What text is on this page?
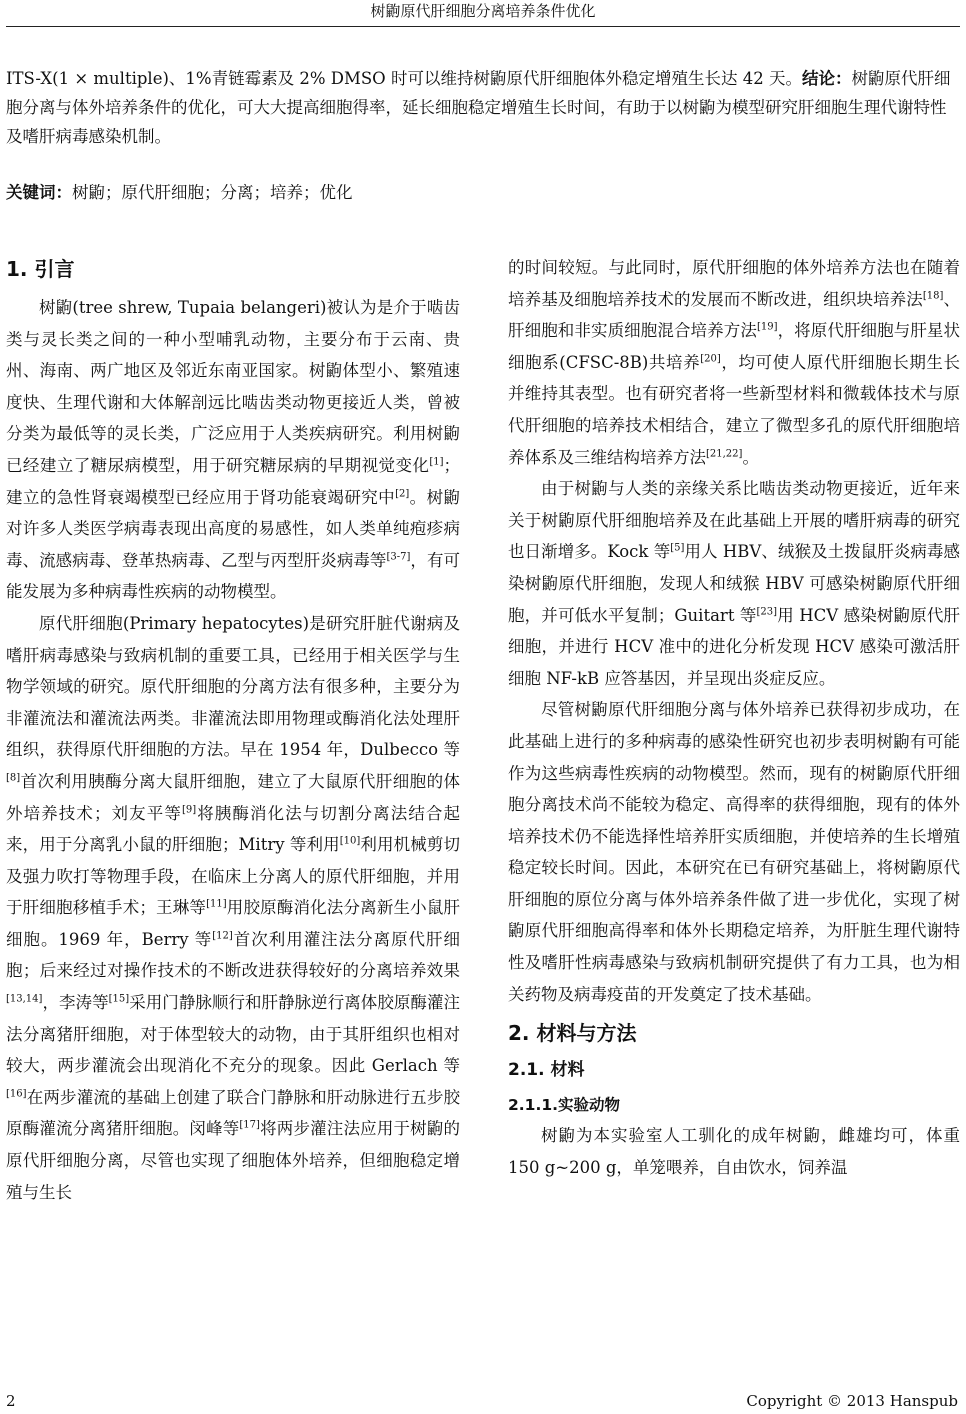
树鼩原代肝细胞分离培养条件优化
ITS-X(1 × multiple)、1%青链霉素及 2% DMSO 时可以维持树鼩原代肝细胞体外稳定增殖生长达 42 天。结论：树鼩原代肝细胞分离与体外培养条件的优化，可大大提高细胞得率，延长细胞稳定增殖生长时间，有助于以树鼩为模型研究肝细胞生理代谢特性及嗜肝病毒感染机制。
关键词：树鼩；原代肝细胞；分离；培养；优化
1. 引言

树鼩(tree shrew, Tupaia belangeri)被认为是介于啮齿类与灵长类之间的一种小型哺乳动物，主要分布于云南、贵州、海南、两广地区及邻近东南亚国家。树鼩体型小、繁殖速度快、生理代谢和大体解剖远比啮齿类动物更接近人类，曾被分类为最低等的灵长类，广泛应用于人类疾病研究。利用树鼩已经建立了糖尿病模型，用于研究糖尿病的早期视觉变化[1]；建立的急性肾衰竭模型已经应用于肾功能衰竭研究中[2]。树鼩对许多人类医学病毒表现出高度的易感性，如人类单纯疱疹病毒、流感病毒、登革热病毒、乙型与丙型肝炎病毒等[3-7]，有可能发展为多种病毒性疾病的动物模型。

原代肝细胞(Primary hepatocytes)是研究肝脏代谢病及嗜肝病毒感染与致病机制的重要工具，已经用于相关医学与生物学领域的研究。原代肝细胞的分离方法有很多种，主要分为非灌流法和灌流法两类。非灌流法即用物理或酶消化法处理肝组织，获得原代肝细胞的方法。早在 1954 年，Dulbecco 等[8]首次利用胰酶分离大鼠肝细胞，建立了大鼠原代肝细胞的体外培养技术；刘友平等[9]将胰酶消化法与切割分离法结合起来，用于分离乳小鼠的肝细胞；Mitry 等利用[10]利用机械剪切及强力吹打等物理手段，在临床上分离人的原代肝细胞，并用于肝细胞移植手术；王琳等[11]用胶原酶消化法分离新生小鼠肝细胞。1969 年，Berry 等[12]首次利用灌注法分离原代肝细胞；后来经过对操作技术的不断改进获得较好的分离培养效果[13,14]，李涛等[15]采用门静脉顺行和肝静脉逆行离体胶原酶灌注法分离猪肝细胞，对于体型较大的动物，由于其肝组织也相对较大，两步灌流会出现消化不充分的现象。因此 Gerlach 等[16]在两步灌流的基础上创建了联合门静脉和肝动脉进行五步胶原酶灌流分离猪肝细胞。闵峰等[17]将两步灌注法应用于树鼩的原代肝细胞分离，尽管也实现了细胞体外培养，但细胞稳定增殖与生长

的时间较短。与此同时，原代肝细胞的体外培养方法也在随着培养基及细胞培养技术的发展而不断改进，组织块培养法[18]、肝细胞和非实质细胞混合培养方法[19]，将原代肝细胞与肝星状细胞系(CFSC-8B)共培养[20]，均可使人原代肝细胞长期生长并维持其表型。也有研究者将一些新型材料和微载体技术与原代肝细胞的培养技术相结合，建立了微型多孔的原代肝细胞培养体系及三维结构培养方法[21,22]。

由于树鼩与人类的亲缘关系比啮齿类动物更接近，近年来关于树鼩原代肝细胞培养及在此基础上开展的嗜肝病毒的研究也日渐增多。Kock 等[5]用人 HBV、绒猴及土拨鼠肝炎病毒感染树鼩原代肝细胞，发现人和绒猴 HBV 可感染树鼩原代肝细胞，并可低水平复制；Guitart 等[23]用 HCV 感染树鼩原代肝细胞，并进行 HCV 准中的进化分析发现 HCV 感染可激活肝细胞 NF-kB 应答基因，并呈现出炎症反应。

尽管树鼩原代肝细胞分离与体外培养已获得初步成功，在此基础上进行的多种病毒的感染性研究也初步表明树鼩有可能作为这些病毒性疾病的动物模型。然而，现有的树鼩原代肝细胞分离技术尚不能较为稳定、高得率的获得细胞，现有的体外培养技术仍不能选择性培养肝实质细胞，并使培养的生长增殖稳定较长时间。因此，本研究在已有研究基础上，将树鼩原代肝细胞的原位分离与体外培养条件做了进一步优化，实现了树鼩原代肝细胞高得率和体外长期稳定培养，为肝脏生理代谢特性及嗜肝性病毒感染与致病机制研究提供了有力工具，也为相关药物及病毒疫苗的开发奠定了技术基础。

2. 材料与方法
2.1. 材料
2.1.1.实验动物

树鼩为本实验室人工驯化的成年树鼩，雌雄均可，体重 150 g~200 g，单笼喂养，自由饮水，饲养温

2	Copyright © 2013 Hanspub
